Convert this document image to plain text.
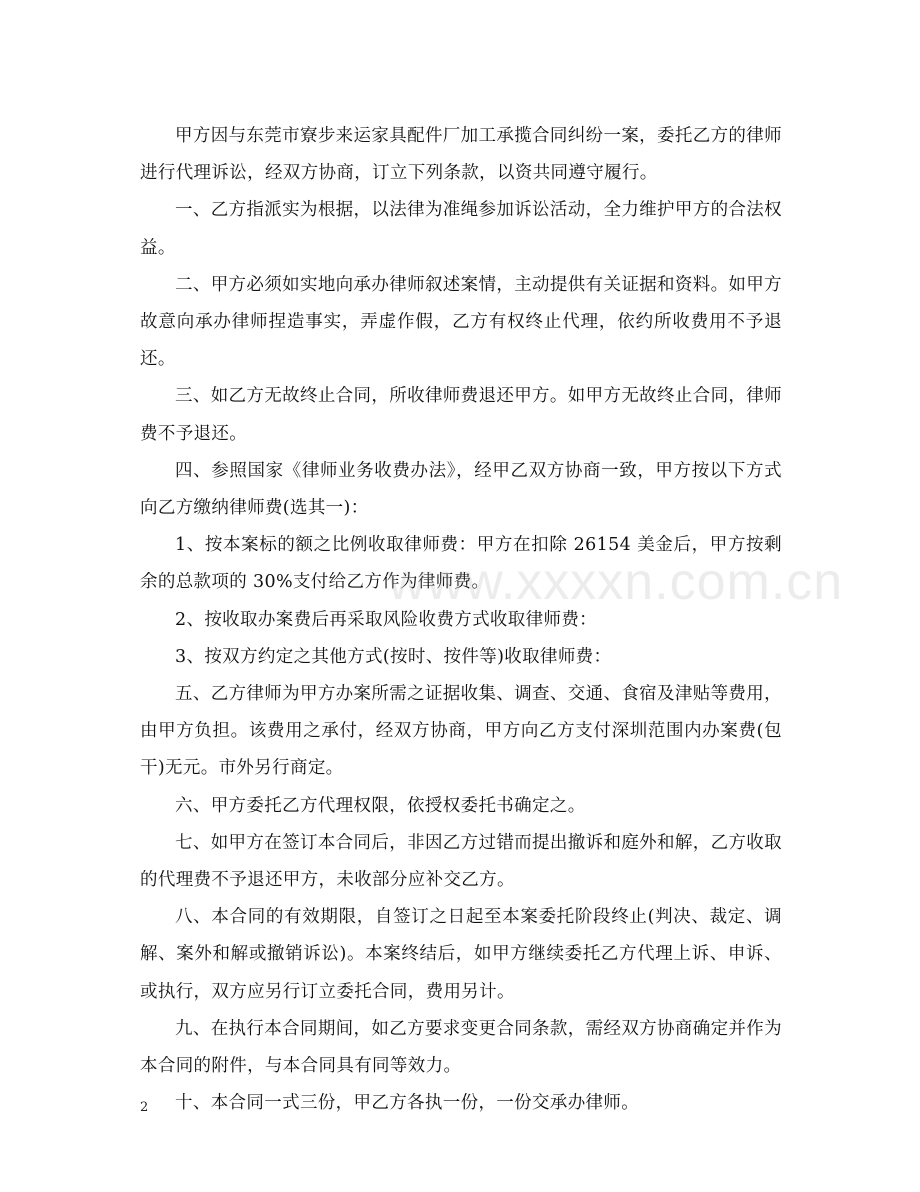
甲方因与东莞市寮步来运家具配件厂加工承揽合同纠纷一案，委托乙方的律师进行代理诉讼，经双方协商，订立下列条款，以资共同遵守履行。

一、乙方指派实为根据，以法律为准绳参加诉讼活动，全力维护甲方的合法权益。

二、甲方必须如实地向承办律师叙述案情，主动提供有关证据和资料。如甲方故意向承办律师捏造事实，弄虚作假，乙方有权终止代理，依约所收费用不予退还。

三、如乙方无故终止合同，所收律师费退还甲方。如甲方无故终止合同，律师费不予退还。

四、参照国家《律师业务收费办法》，经甲乙双方协商一致，甲方按以下方式向乙方缴纳律师费(选其一)：

1、按本案标的额之比例收取律师费：甲方在扣除 26154 美金后，甲方按剩余的总款项的 30%支付给乙方作为律师费。

2、按收取办案费后再采取风险收费方式收取律师费：

3、按双方约定之其他方式(按时、按件等)收取律师费：

五、乙方律师为甲方办案所需之证据收集、调查、交通、食宿及津贴等费用，由甲方负担。该费用之承付，经双方协商，甲方向乙方支付深圳范围内办案费(包干)无元。市外另行商定。

六、甲方委托乙方代理权限，依授权委托书确定之。

七、如甲方在签订本合同后，非因乙方过错而提出撤诉和庭外和解，乙方收取的代理费不予退还甲方，未收部分应补交乙方。

八、本合同的有效期限，自签订之日起至本案委托阶段终止(判决、裁定、调解、案外和解或撤销诉讼)。本案终结后，如甲方继续委托乙方代理上诉、申诉、或执行，双方应另行订立委托合同，费用另计。

九、在执行本合同期间，如乙方要求变更合同条款，需经双方协商确定并作为本合同的附件，与本合同具有同等效力。

十、本合同一式三份，甲乙方各执一份，一份交承办律师。

www.xxxxn.com.cn
2
